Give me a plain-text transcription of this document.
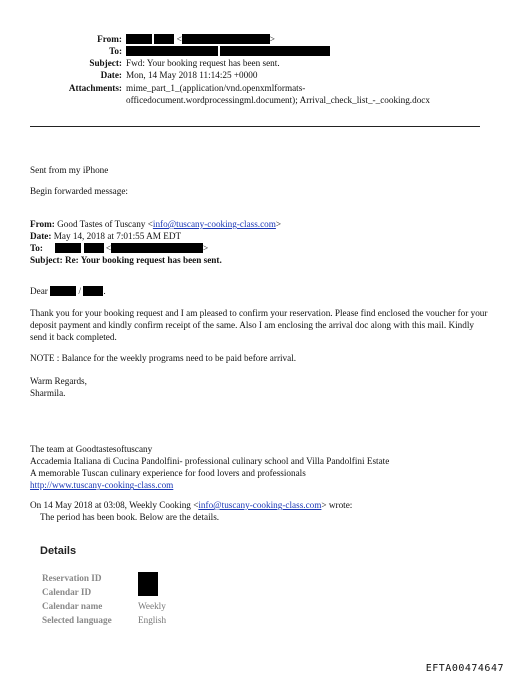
From:	<	>
To:

Subject: Fwd: Your booking request has been sent.
Date: Mon, 14 May 2018 11:14:25 +0000
Attachments: mime_part_1_(application/vnd.openxmlformats-
officedocument.wordprocessingml.document); Arrival_check_list_-_cooking.docx
Sent from my iPhone
Begin forwarded message:
From: Good Tastes of Tuscany <info@tuscany-cooking-class.com>
Date: May 14, 2018 at 7:01:55 AM EDT
To:	<	>
Subject: Re: Your booking request has been sent.
Dear	/ .
Thank you for your booking request and I am pleased to confirm your reservation. Please find enclosed the voucher for your deposit payment and kindly confirm receipt of the same. Also I am enclosing the arrival doc along with this mail. Kindly send it back completed.
NOTE : Balance for the weekly programs need to be paid before arrival.
Warm Regards,
Sharmila.
The team at Goodtastesoftuscany
Accademia Italiana di Cucina Pandolfini- professional culinary school and Villa Pandolfini Estate
A memorable Tuscan culinary experience for food lovers and professionals
http://www.tuscany-cooking-class.com
On 14 May 2018 at 03:08, Weekly Cooking <info@tuscany-cooking-class.com> wrote:
The period has been book. Below are the details.
Details
Reservation ID
Calendar ID
Calendar name	Weekly
Selected language	English
EFTA00474647
